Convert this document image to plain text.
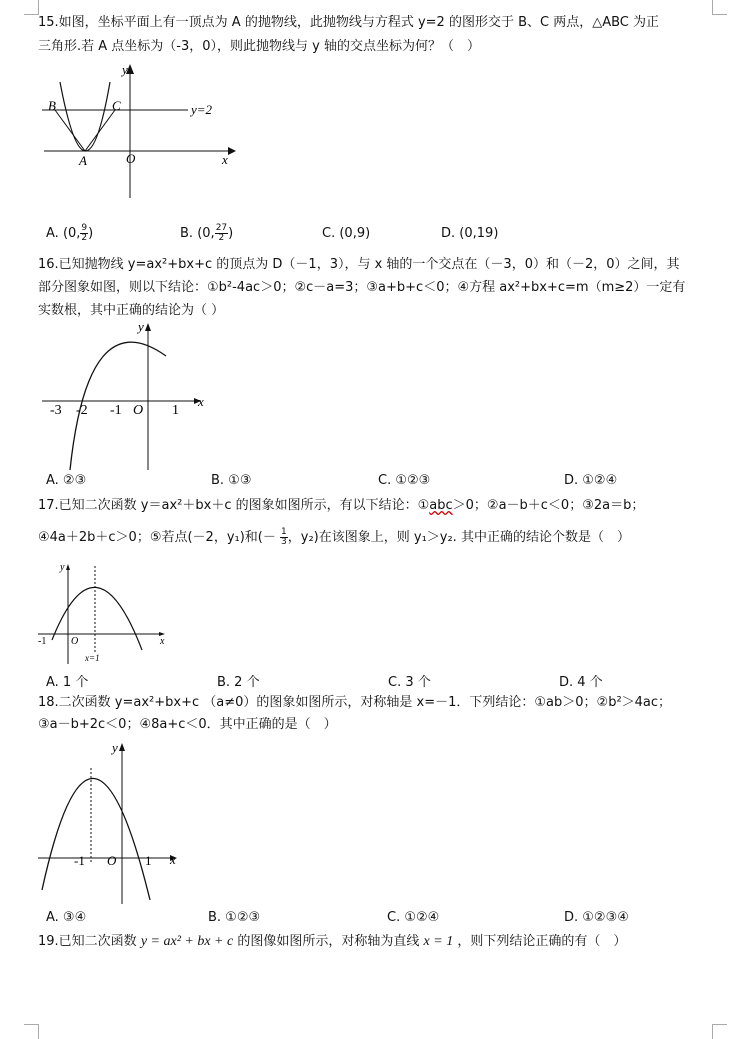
15.如图，坐标平面上有一顶点为 A 的抛物线，此抛物线与方程式 y=2 的图形交于 B、C 两点，△ABC 为正
三角形.若 A 点坐标为（-3，0），则此抛物线与 y 轴的交点坐标为何？（　）
y
x
B	C
A	O
y=2
A. (0, $\frac{9}{2}$ )	B. (0, $\frac{27}{2}$ )	C. (0,9)	D. (0,19)
16.已知抛物线 y=ax²+bx+c 的顶点为 D（－1，3），与 x 轴的一个交点在（－3，0）和（－2，0）之间，其
部分图象如图，则以下结论：①b²-4ac＞0；②c－a=3；③a+b+c＜0；④方程 ax²+bx+c=m（m≥2）一定有
实数根，其中正确的结论为（ ）
y
x
-3 -2 -1 O 1
A. ②③	B. ①③	C. ①②③	D. ①②④
17.已知二次函数 y＝ax²＋bx＋c 的图象如图所示，有以下结论：①abc＞0；②a－b＋c＜0；③2a＝b；
④4a＋2b＋c＞0；⑤若点(－2，y₁)和(－ $\frac{1}{3}$ ，y₂)在该图象上，则 y₁＞y₂. 其中正确的结论个数是（　）
y
x
-1 O
x=1
A. 1 个	B. 2 个	C. 3 个	D. 4 个
18.二次函数 y=ax²+bx+c （a≠0）的图象如图所示，对称轴是 x=－1．下列结论：①ab＞0；②b²＞4ac；
③a－b+2c＜0；④8a+c＜0．其中正确的是（　）
y
x
-1 O 1
A. ③④	B. ①②③	C. ①②④	D. ①②③④
19.已知二次函数 y = ax² + bx + c 的图像如图所示，对称轴为直线 x = 1 ，则下列结论正确的有（　）
